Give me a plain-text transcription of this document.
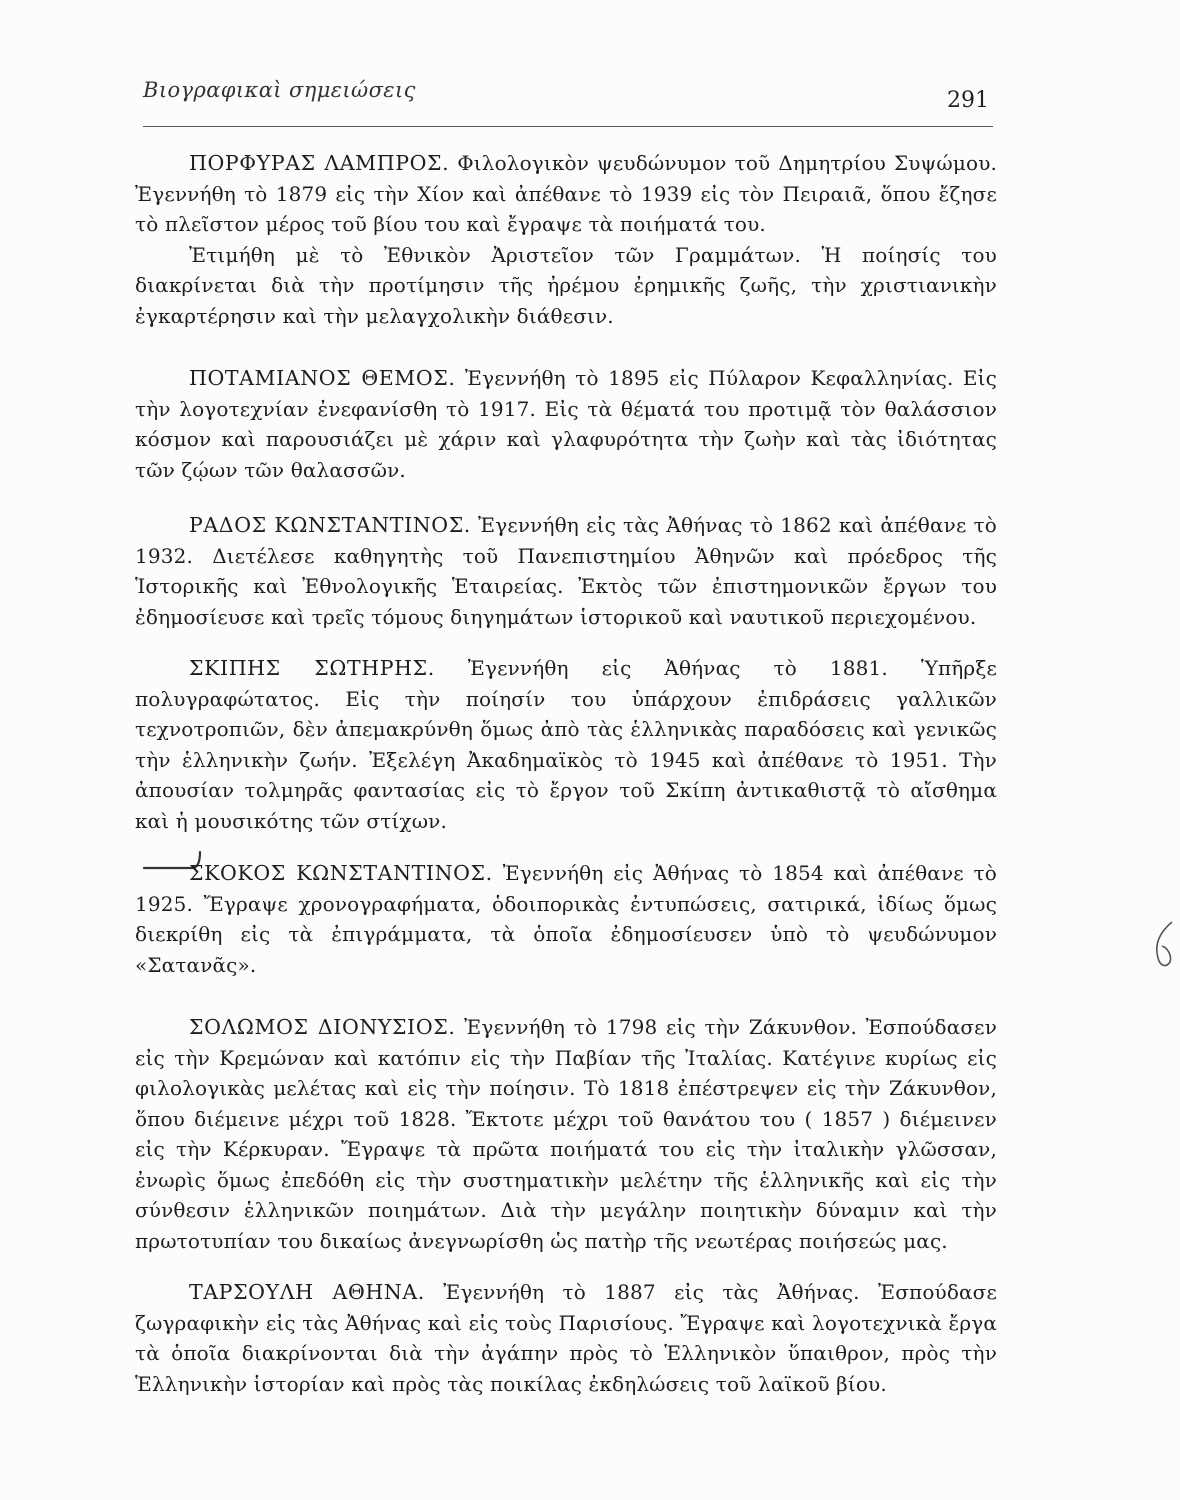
Βιογραφικαὶ σημειώσεις	291

ΠΟΡΦΥΡΑΣ ΛΑΜΠΡΟΣ. Φιλολογικὸν ψευδώνυμον τοῦ Δημητρίου Συψώμου. Ἐγεννήθη τὸ 1879 εἰς τὴν Χίον καὶ ἀπέθανε τὸ 1939 εἰς τὸν Πειραιᾶ, ὅπου ἔζησε τὸ πλεῖστον μέρος τοῦ βίου του καὶ ἔγραψε τὰ ποιήματά του.

Ἐτιμήθη μὲ τὸ Ἐθνικὸν Ἀριστεῖον τῶν Γραμμάτων. Ἡ ποίησίς του διακρίνεται διὰ τὴν προτίμησιν τῆς ἠρέμου ἐρημικῆς ζωῆς, τὴν χριστιανικὴν ἐγκαρτέρησιν καὶ τὴν μελαγχολικὴν διάθεσιν.

ΠΟΤΑΜΙΑΝΟΣ ΘΕΜΟΣ. Ἐγεννήθη τὸ 1895 εἰς Πύλαρον Κεφαλληνίας. Εἰς τὴν λογοτεχνίαν ἐνεφανίσθη τὸ 1917. Εἰς τὰ θέματά του προτιμᾷ τὸν θαλάσσιον κόσμον καὶ παρουσιάζει μὲ χάριν καὶ γλαφυρότητα τὴν ζωὴν καὶ τὰς ἰδιότητας τῶν ζῴων τῶν θαλασσῶν.

ΡΑΔΟΣ ΚΩΝΣΤΑΝΤΙΝΟΣ. Ἐγεννήθη εἰς τὰς Ἀθήνας τὸ 1862 καὶ ἀπέθανε τὸ 1932. Διετέλεσε καθηγητὴς τοῦ Πανεπιστημίου Ἀθηνῶν καὶ πρόεδρος τῆς Ἱστορικῆς καὶ Ἐθνολογικῆς Ἑταιρείας. Ἐκτὸς τῶν ἐπιστημονικῶν ἔργων του ἐδημοσίευσε καὶ τρεῖς τόμους διηγημάτων ἱστορικοῦ καὶ ναυτικοῦ περιεχομένου.

ΣΚΙΠΗΣ ΣΩΤΗΡΗΣ. Ἐγεννήθη εἰς Ἀθήνας τὸ 1881. Ὑπῆρξε πολυγραφώτατος. Εἰς τὴν ποίησίν του ὑπάρχουν ἐπιδράσεις γαλλικῶν τεχνοτροπιῶν, δὲν ἀπεμακρύνθη ὅμως ἀπὸ τὰς ἑλληνικὰς παραδόσεις καὶ γενικῶς τὴν ἑλληνικὴν ζωήν. Ἐξελέγη Ἀκαδημαϊκὸς τὸ 1945 καὶ ἀπέθανε τὸ 1951. Τὴν ἀπουσίαν τολμηρᾶς φαντασίας εἰς τὸ ἔργον τοῦ Σκίπη ἀντικαθιστᾷ τὸ αἴσθημα καὶ ἡ μουσικότης τῶν στίχων.

ΣΚΟΚΟΣ ΚΩΝΣΤΑΝΤΙΝΟΣ. Ἐγεννήθη εἰς Ἀθήνας τὸ 1854 καὶ ἀπέθανε τὸ 1925. Ἔγραψε χρονογραφήματα, ὁδοιπορικὰς ἐντυπώσεις, σατιρικά, ἰδίως ὅμως διεκρίθη εἰς τὰ ἐπιγράμματα, τὰ ὁποῖα ἐδημοσίευσεν ὑπὸ τὸ ψευδώνυμον «Σατανᾶς».

ΣΟΛΩΜΟΣ ΔΙΟΝΥΣΙΟΣ. Ἐγεννήθη τὸ 1798 εἰς τὴν Ζάκυνθον. Ἐσπούδασεν εἰς τὴν Κρεμώναν καὶ κατόπιν εἰς τὴν Παβίαν τῆς Ἰταλίας. Κατέγινε κυρίως εἰς φιλολογικὰς μελέτας καὶ εἰς τὴν ποίησιν. Τὸ 1818 ἐπέστρεψεν εἰς τὴν Ζάκυνθον, ὅπου διέμεινε μέχρι τοῦ 1828. Ἔκτοτε μέχρι τοῦ θανάτου του ( 1857 ) διέμεινεν εἰς τὴν Κέρκυραν. Ἔγραψε τὰ πρῶτα ποιήματά του εἰς τὴν ἰταλικὴν γλῶσσαν, ἐνωρὶς ὅμως ἐπεδόθη εἰς τὴν συστηματικὴν μελέτην τῆς ἑλληνικῆς καὶ εἰς τὴν σύνθεσιν ἑλληνικῶν ποιημάτων. Διὰ τὴν μεγάλην ποιητικὴν δύναμιν καὶ τὴν πρωτοτυπίαν του δικαίως ἀνεγνωρίσθη ὡς πατὴρ τῆς νεωτέρας ποιήσεώς μας.

ΤΑΡΣΟΥΛΗ ΑΘΗΝΑ. Ἐγεννήθη τὸ 1887 εἰς τὰς Ἀθήνας. Ἐσπούδασε ζωγραφικὴν εἰς τὰς Ἀθήνας καὶ εἰς τοὺς Παρισίους. Ἔγραψε καὶ λογοτεχνικὰ ἔργα τὰ ὁποῖα διακρίνονται διὰ τὴν ἀγάπην πρὸς τὸ Ἑλληνικὸν ὕπαιθρον, πρὸς τὴν Ἑλληνικὴν ἱστορίαν καὶ πρὸς τὰς ποικίλας ἐκδηλώσεις τοῦ λαϊκοῦ βίου.
